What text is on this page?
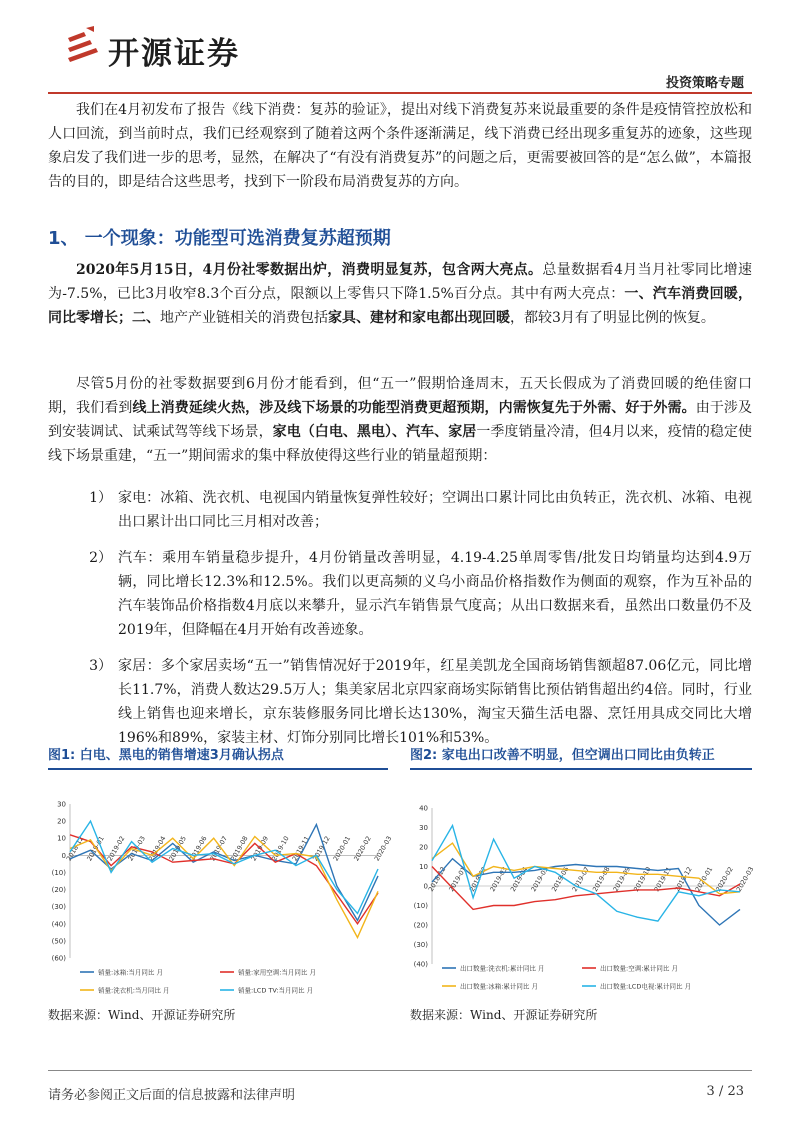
开源证券
投资策略专题

我们在4月初发布了报告《线下消费：复苏的验证》，提出对线下消费复苏来说最重要的条件是疫情管控放松和人口回流，到当前时点，我们已经观察到了随着这两个条件逐渐满足，线下消费已经出现多重复苏的迹象，这些现象启发了我们进一步的思考，显然，在解决了“有没有消费复苏”的问题之后，更需要被回答的是“怎么做”，本篇报告的目的，即是结合这些思考，找到下一阶段布局消费复苏的方向。

1、 一个现象：功能型可选消费复苏超预期

2020年5月15日，4月份社零数据出炉，消费明显复苏，包含两大亮点。总量数据看4月当月社零同比增速为-7.5%，已比3月收窄8.3个百分点，限额以上零售只下降1.5%百分点。其中有两大亮点：一、汽车消费回暖，同比零增长；二、地产产业链相关的消费包括家具、建材和家电都出现回暖，都较3月有了明显比例的恢复。

尽管5月份的社零数据要到6月份才能看到，但“五一”假期恰逢周末，五天长假成为了消费回暖的绝佳窗口期，我们看到线上消费延续火热，涉及线下场景的功能型消费更超预期，内需恢复先于外需、好于外需。由于涉及到安装调试、试乘试驾等线下场景，家电（白电、黑电）、汽车、家居一季度销量冷清，但4月以来，疫情的稳定使线下场景重建，“五一”期间需求的集中释放使得这些行业的销量超预期：

1） 家电：冰箱、洗衣机、电视国内销量恢复弹性较好；空调出口累计同比由负转正，洗衣机、冰箱、电视出口累计出口同比三月相对改善；
2） 汽车：乘用车销量稳步提升，4月份销量改善明显，4.19-4.25单周零售/批发日均销量均达到4.9万辆，同比增长12.3%和12.5%。我们以更高频的义乌小商品价格指数作为侧面的观察，作为互补品的汽车装饰品价格指数4月底以来攀升，显示汽车销售景气度高；从出口数据来看，虽然出口数量仍不及2019年，但降幅在4月开始有改善迹象。
3） 家居：多个家居卖场“五一”销售情况好于2019年，红星美凯龙全国商场销售额超87.06亿元，同比增长11.7%，消费人数达29.5万人；集美家居北京四家商场实际销售比预估销售超出约4倍。同时，行业线上销售也迎来增长，京东装修服务同比增长达130%，淘宝天猫生活电器、烹饪用具成交同比大增196%和89%，家装主材、灯饰分别同比增长101%和53%。
图1: 白电、黑电的销售增速3月确认拐点	图2: 家电出口改善不明显，但空调出口同比由负转正
30
20
10
0
(10)
(20)
(30)
(40)
(50)
(60)
2018-12 2019-01 2019-02 2019-03 2019-04 2019-05 2019-06 2019-07 2019-08 2019-09 2019-10 2019-11 2019-12 2020-01 2020-02 2020-03
销量:冰箱:当月同比 月	销量:家用空调:当月同比 月
销量:洗衣机:当月同比 月	销量:LCD TV:当月同比 月
40
30
20
10
0
(10)
(20)
(30)
(40)
2018-12 2019-01 2019-02 2019-03 2019-04 2019-05 2019-06 2019-07 2019-08 2019-09 2019-10 2019-11 2019-12 2020-01 2020-02 2020-03
出口数量:洗衣机:累计同比 月	出口数量:空调:累计同比 月
出口数量:冰箱:累计同比 月	出口数量:LCD电视:累计同比 月
数据来源：Wind、开源证券研究所	数据来源：Wind、开源证券研究所
请务必参阅正文后面的信息披露和法律声明	3 / 23
